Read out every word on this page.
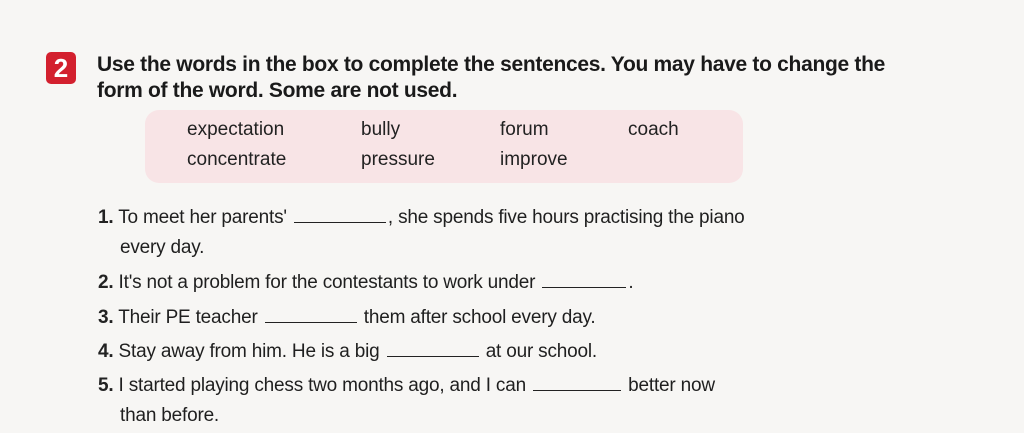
2	Use the words in the box to complete the sentences. You may have to change the form of the word. Some are not used.
expectation	bully	forum	coach
concentrate	pressure	improve
1. To meet her parents'	, she spends five hours practising the piano
every day.
2. It's not a problem for the contestants to work under	.
3. Their PE teacher	them after school every day.
4. Stay away from him. He is a big	at our school.
5. I started playing chess two months ago, and I can	better now
than before.
